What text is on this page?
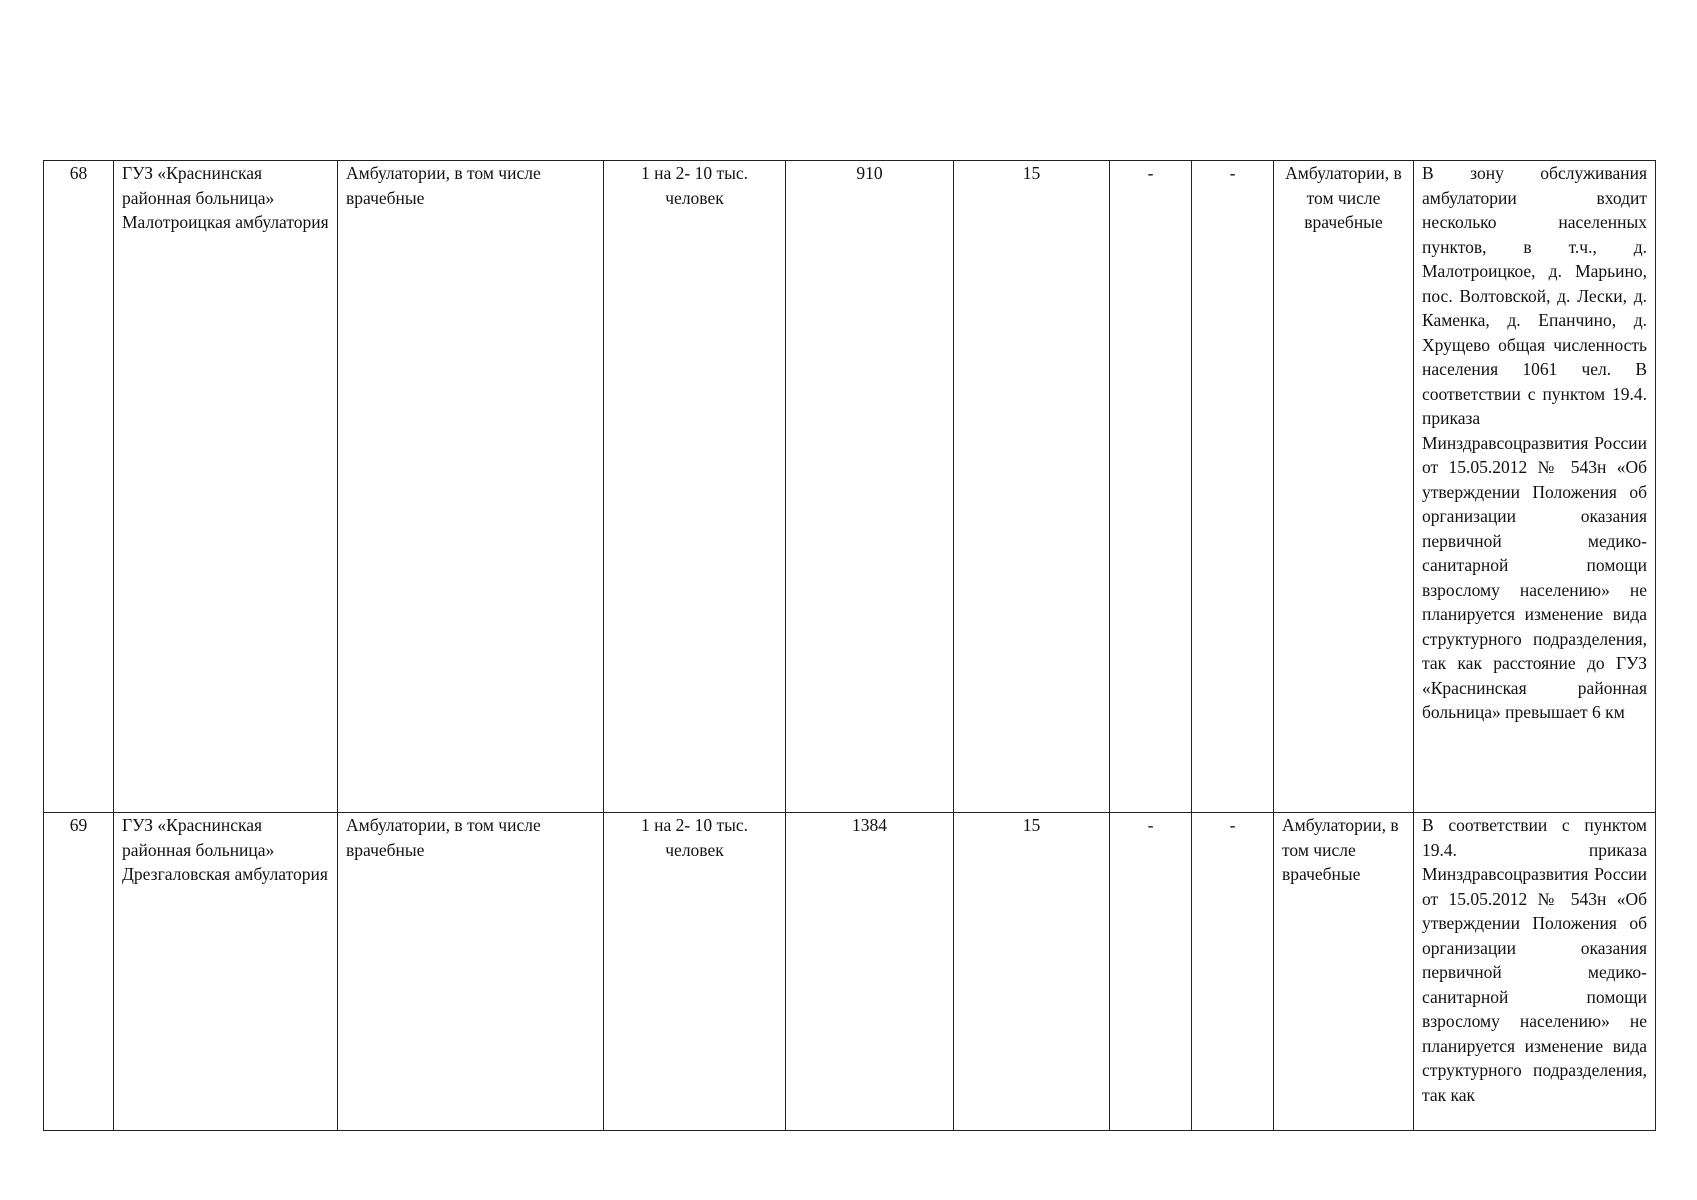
68	ГУЗ «Краснинская районная больница» Малотроицкая амбулатория	Амбулатории, в том числе врачебные	1 на 2- 10 тыс. человек	910	15	-	-	Амбулатории, в том числе врачебные	В зону обслуживания амбулатории входит несколько населенных пунктов, в т.ч., д. Малотроицкое, д. Марьино, пос. Волтовской, д. Лески, д. Каменка, д. Епанчино, д. Хрущево общая численность населения 1061 чел. В соответствии с пунктом 19.4. приказа Минздравсоцразвития России от 15.05.2012 № 543н «Об утверждении Положения об организации оказания первичной медико-санитарной помощи взрослому населению» не планируется изменение вида структурного подразделения, так как расстояние до ГУЗ «Краснинская районная больница» превышает 6 км
69	ГУЗ «Краснинская районная больница» Дрезгаловская амбулатория	Амбулатории, в том числе врачебные	1 на 2- 10 тыс. человек	1384	15	-	-	Амбулатории, в том числе врачебные	В соответствии с пунктом 19.4. приказа Минздравсоцразвития России от 15.05.2012 № 543н «Об утверждении Положения об организации оказания первичной медико-санитарной помощи взрослому населению» не планируется изменение вида структурного подразделения, так как
